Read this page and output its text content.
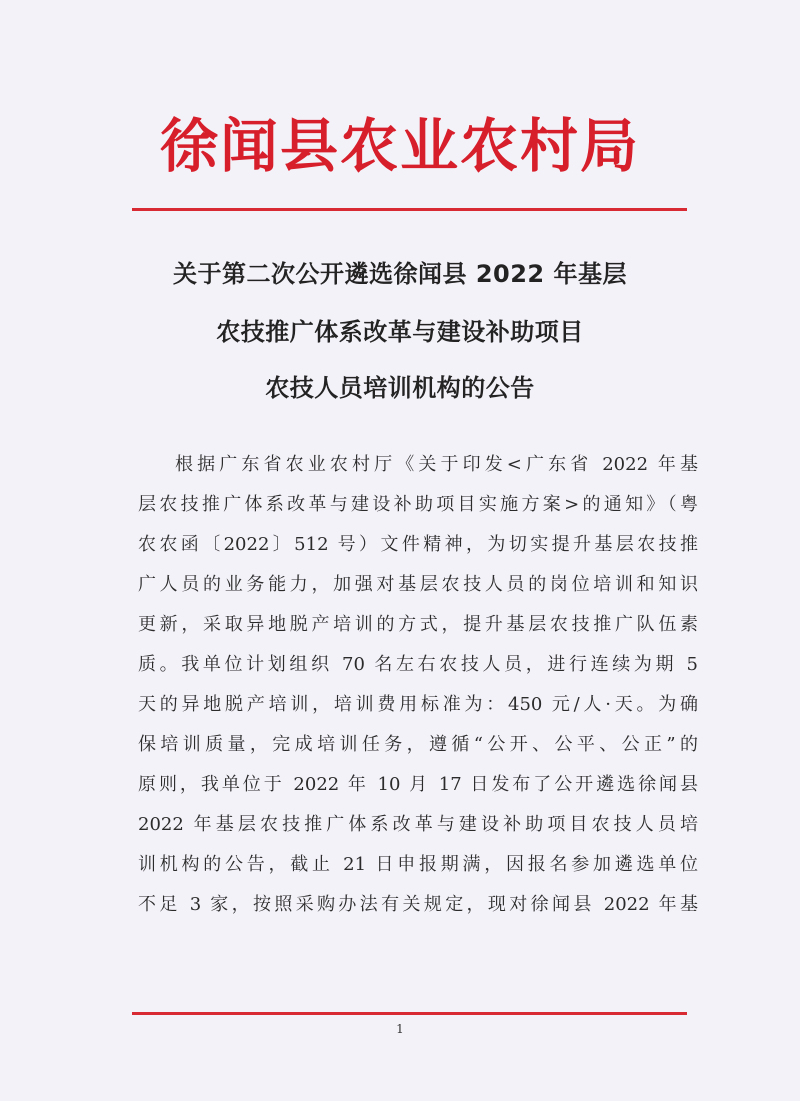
徐闻县农业农村局
关于第二次公开遴选徐闻县 2022 年基层
农技推广体系改革与建设补助项目
农技人员培训机构的公告
根据广东省农业农村厅《关于印发<广东省 2022 年基
层农技推广体系改革与建设补助项目实施方案>的通知》（粤
农农函〔2022〕512 号）文件精神，为切实提升基层农技推
广人员的业务能力，加强对基层农技人员的岗位培训和知识
更新，采取异地脱产培训的方式，提升基层农技推广队伍素
质。我单位计划组织 70 名左右农技人员，进行连续为期 5
天的异地脱产培训，培训费用标准为：450 元/人·天。为确
保培训质量，完成培训任务，遵循“公开、公平、公正”的
原则，我单位于 2022 年 10 月 17 日发布了公开遴选徐闻县
2022 年基层农技推广体系改革与建设补助项目农技人员培
训机构的公告，截止 21 日申报期满，因报名参加遴选单位
不足 3 家，按照采购办法有关规定，现对徐闻县 2022 年基
1
